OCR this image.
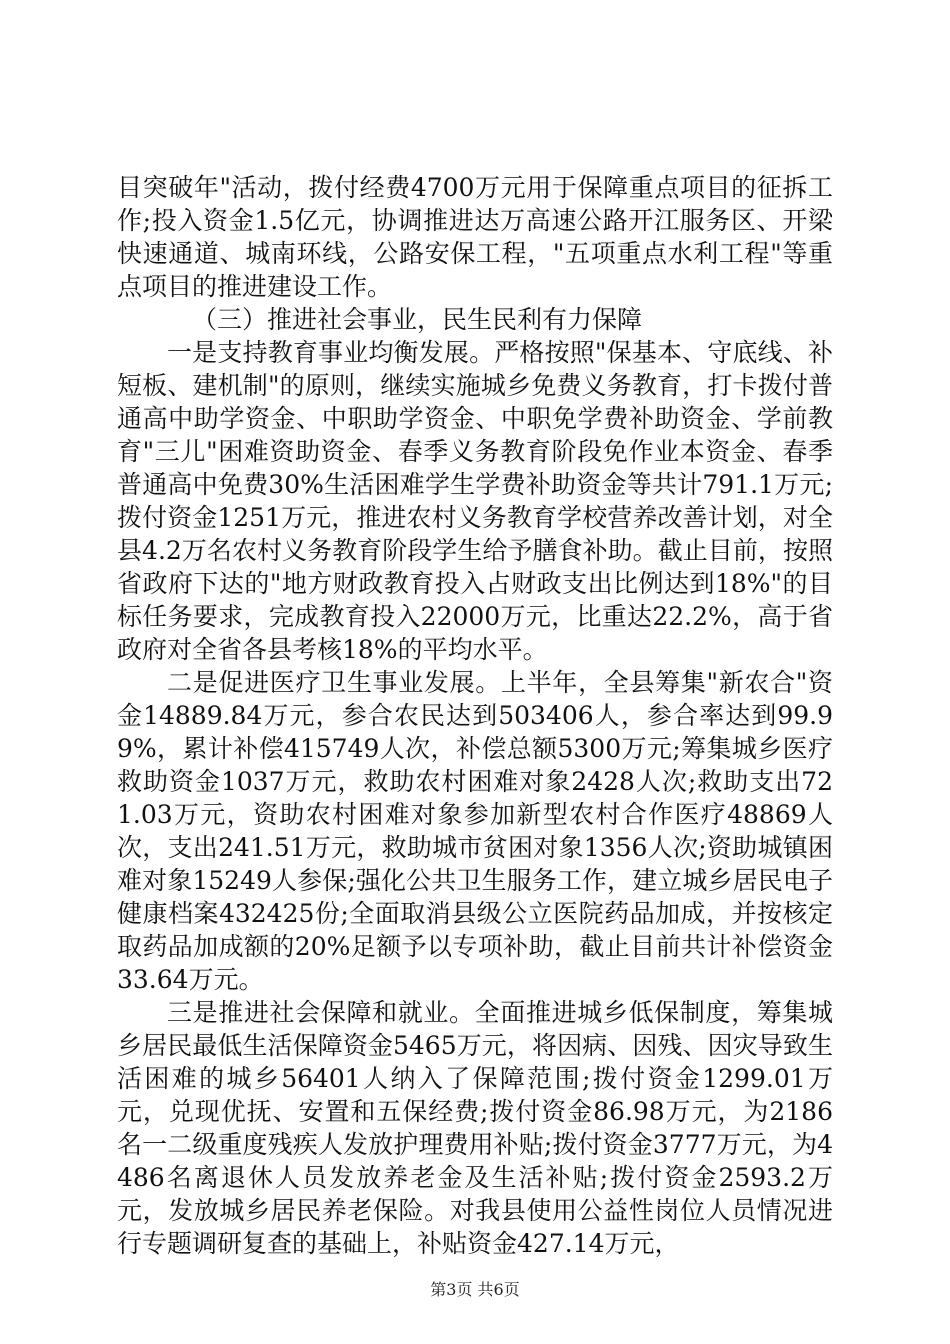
目突破年"活动，拨付经费4700万元用于保障重点项目的征拆工作;投入资金1.5亿元，协调推进达万高速公路开江服务区、开梁快速通道、城南环线，公路安保工程，"五项重点水利工程"等重点项目的推进建设工作。

（三）推进社会事业，民生民利有力保障

一是支持教育事业均衡发展。严格按照"保基本、守底线、补短板、建机制"的原则，继续实施城乡免费义务教育，打卡拨付普通高中助学资金、中职助学资金、中职免学费补助资金、学前教育"三儿"困难资助资金、春季义务教育阶段免作业本资金、春季普通高中免费30%生活困难学生学费补助资金等共计791.1万元;拨付资金1251万元，推进农村义务教育学校营养改善计划，对全县4.2万名农村义务教育阶段学生给予膳食补助。截止目前，按照省政府下达的"地方财政教育投入占财政支出比例达到18%"的目标任务要求，完成教育投入22000万元，比重达22.2%，高于省政府对全省各县考核18%的平均水平。

二是促进医疗卫生事业发展。上半年，全县筹集"新农合"资金14889.84万元，参合农民达到503406人，参合率达到99.99%，累计补偿415749人次，补偿总额5300万元;筹集城乡医疗救助资金1037万元，救助农村困难对象2428人次;救助支出721.03万元，资助农村困难对象参加新型农村合作医疗48869人次，支出241.51万元，救助城市贫困对象1356人次;资助城镇困难对象15249人参保;强化公共卫生服务工作，建立城乡居民电子健康档案432425份;全面取消县级公立医院药品加成，并按核定取药品加成额的20%足额予以专项补助，截止目前共计补偿资金33.64万元。

三是推进社会保障和就业。全面推进城乡低保制度，筹集城乡居民最低生活保障资金5465万元，将因病、因残、因灾导致生活困难的城乡56401人纳入了保障范围;拨付资金1299.01万元，兑现优抚、安置和五保经费;拨付资金86.98万元，为2186名一二级重度残疾人发放护理费用补贴;拨付资金3777万元，为4486名离退休人员发放养老金及生活补贴;拨付资金2593.2万元，发放城乡居民养老保险。对我县使用公益性岗位人员情况进行专题调研复查的基础上，补贴资金427.14万元，

第3页 共6页
